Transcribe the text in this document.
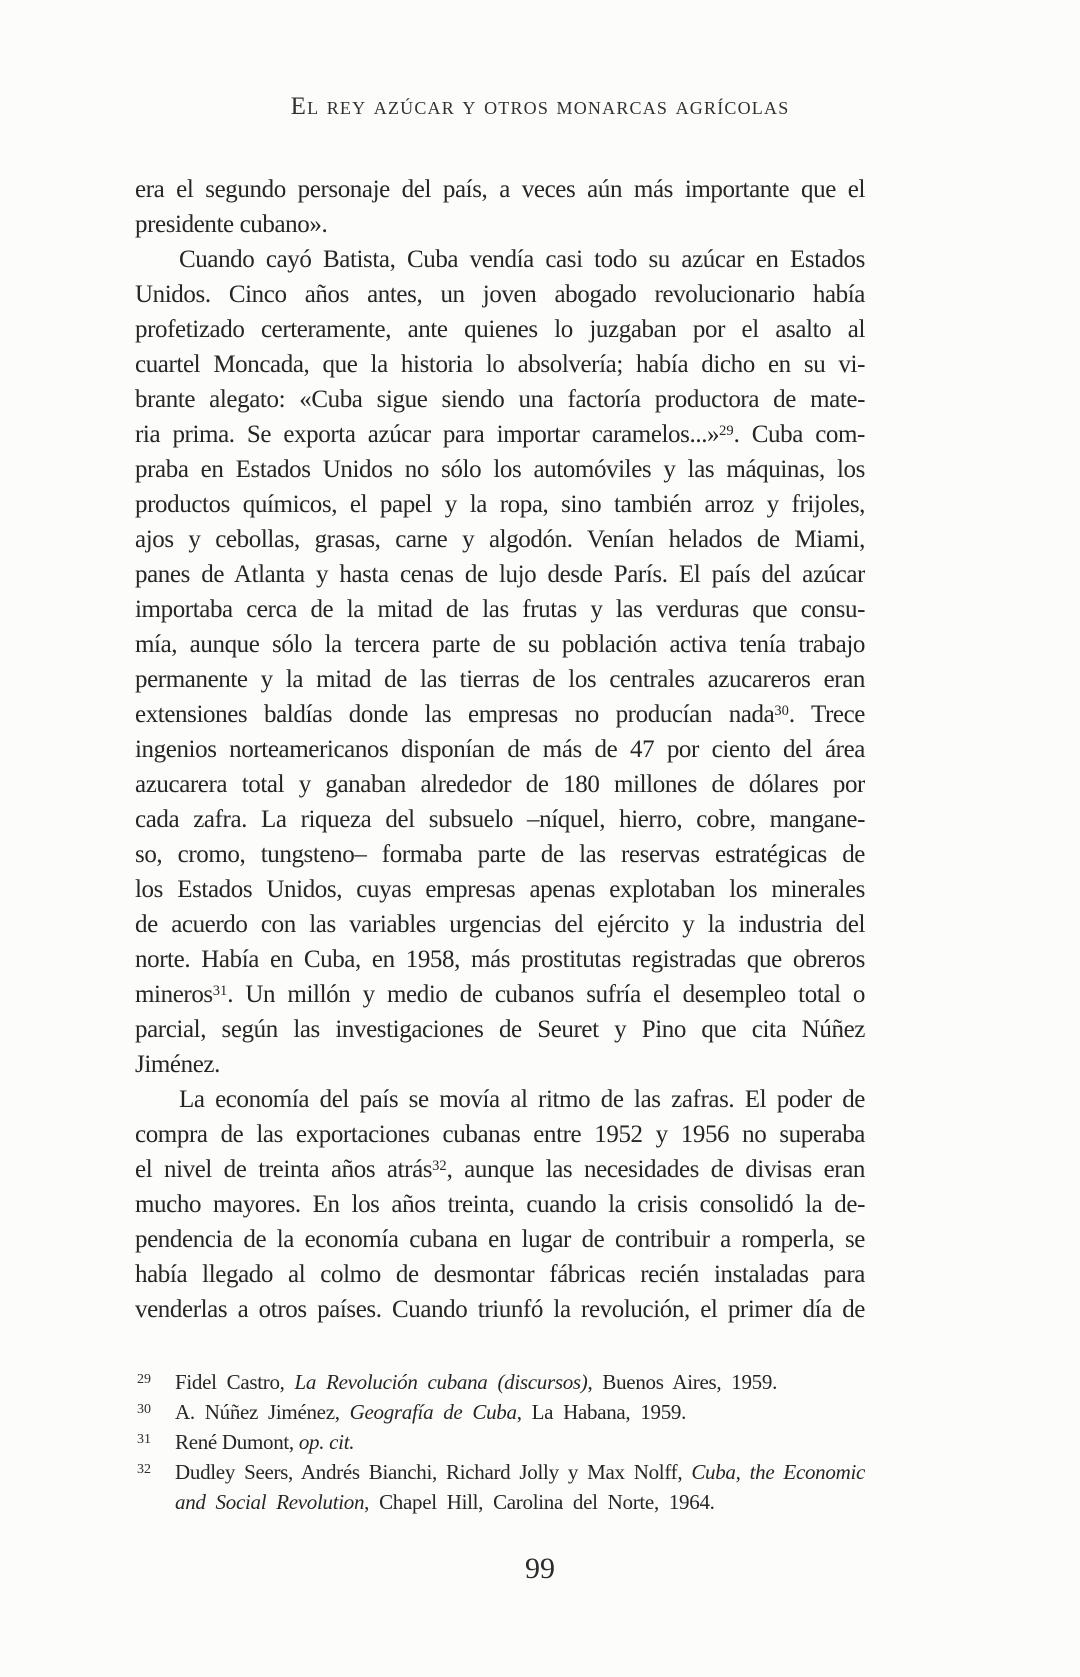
El rey azúcar y otros monarcas agrícolas
era el segundo personaje del país, a veces aún más importante que el
presidente cubano».
Cuando cayó Batista, Cuba vendía casi todo su azúcar en Estados
Unidos. Cinco años antes, un joven abogado revolucionario había
profetizado certeramente, ante quienes lo juzgaban por el asalto al
cuartel Moncada, que la historia lo absolvería; había dicho en su vi-
brante alegato: «Cuba sigue siendo una factoría productora de mate-
ria prima. Se exporta azúcar para importar caramelos...»$^{29}$. Cuba com-
praba en Estados Unidos no sólo los automóviles y las máquinas, los
productos químicos, el papel y la ropa, sino también arroz y frijoles,
ajos y cebollas, grasas, carne y algodón. Venían helados de Miami,
panes de Atlanta y hasta cenas de lujo desde París. El país del azúcar
importaba cerca de la mitad de las frutas y las verduras que consu-
mía, aunque sólo la tercera parte de su población activa tenía trabajo
permanente y la mitad de las tierras de los centrales azucareros eran
extensiones baldías donde las empresas no producían nada$^{30}$. Trece
ingenios norteamericanos disponían de más de 47 por ciento del área
azucarera total y ganaban alrededor de 180 millones de dólares por
cada zafra. La riqueza del subsuelo –níquel, hierro, cobre, mangane-
so, cromo, tungsteno– formaba parte de las reservas estratégicas de
los Estados Unidos, cuyas empresas apenas explotaban los minerales
de acuerdo con las variables urgencias del ejército y la industria del
norte. Había en Cuba, en 1958, más prostitutas registradas que obreros
mineros$^{31}$. Un millón y medio de cubanos sufría el desempleo total o
parcial, según las investigaciones de Seuret y Pino que cita Núñez
Jiménez.
La economía del país se movía al ritmo de las zafras. El poder de
compra de las exportaciones cubanas entre 1952 y 1956 no superaba
el nivel de treinta años atrás$^{32}$, aunque las necesidades de divisas eran
mucho mayores. En los años treinta, cuando la crisis consolidó la de-
pendencia de la economía cubana en lugar de contribuir a romperla, se
había llegado al colmo de desmontar fábricas recién instaladas para
venderlas a otros países. Cuando triunfó la revolución, el primer día de
29	Fidel Castro, La Revolución cubana (discursos), Buenos Aires, 1959.
30	A. Núñez Jiménez, Geografía de Cuba, La Habana, 1959.
31	René Dumont, op. cit.
32	Dudley Seers, Andrés Bianchi, Richard Jolly y Max Nolff, Cuba, the Economic
and Social Revolution, Chapel Hill, Carolina del Norte, 1964.
99
